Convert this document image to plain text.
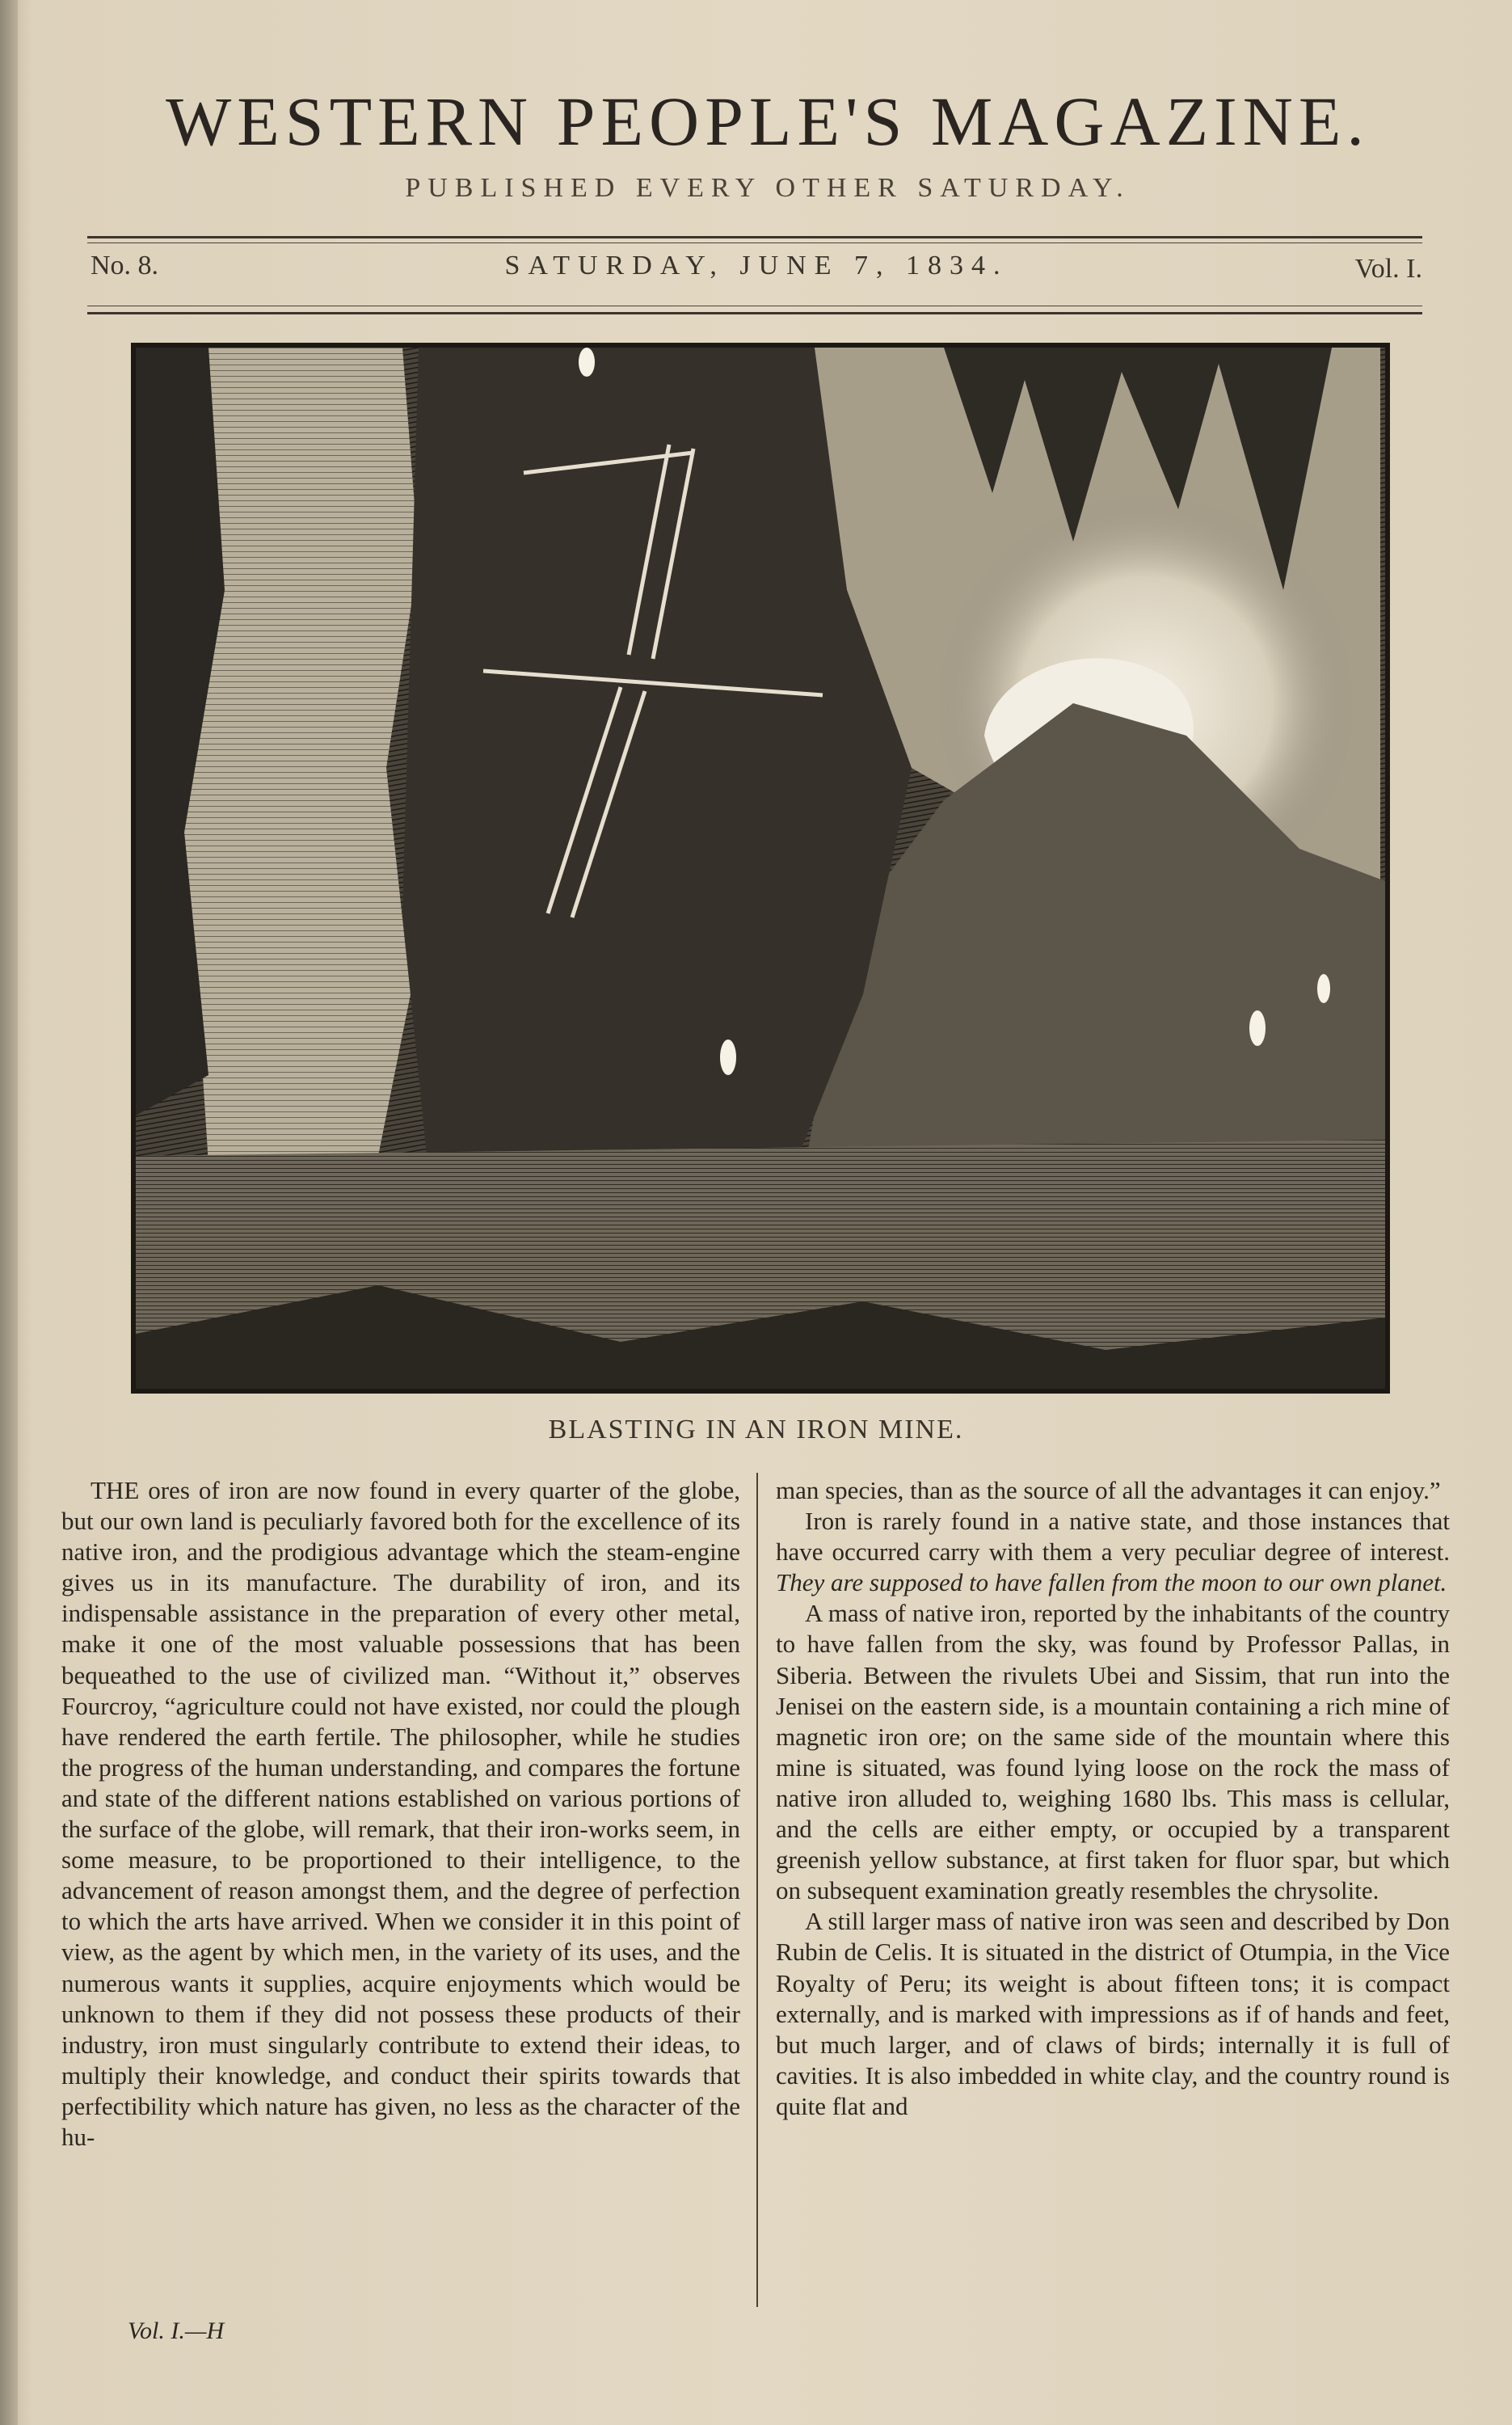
WESTERN PEOPLE'S MAGAZINE.
PUBLISHED EVERY OTHER SATURDAY.
No. 8.	SATURDAY, JUNE 7, 1834.	Vol. I.
BLASTING IN AN IRON MINE.

THE ores of iron are now found in every quarter of the globe, but our own land is peculiarly favored both for the excellence of its native iron, and the prodigious advantage which the steam-engine gives us in its manufacture. The durability of iron, and its indispensable assistance in the preparation of every other metal, make it one of the most valuable possessions that has been bequeathed to the use of civilized man. “Without it,” observes Fourcroy, “agriculture could not have existed, nor could the plough have rendered the earth fertile. The philosopher, while he studies the progress of the human understanding, and compares the fortune and state of the different nations established on various portions of the surface of the globe, will remark, that their iron-works seem, in some measure, to be proportioned to their intelligence, to the advancement of reason amongst them, and the degree of perfection to which the arts have arrived. When we consider it in this point of view, as the agent by which men, in the variety of its uses, and the numerous wants it supplies, acquire enjoyments which would be unknown to them if they did not possess these products of their industry, iron must singularly contribute to extend their ideas, to multiply their knowledge, and conduct their spirits towards that perfectibility which nature has given, no less as the character of the hu-

man species, than as the source of all the advantages it can enjoy.”

Iron is rarely found in a native state, and those instances that have occurred carry with them a very peculiar degree of interest. They are supposed to have fallen from the moon to our own planet.

A mass of native iron, reported by the inhabitants of the country to have fallen from the sky, was found by Professor Pallas, in Siberia. Between the rivulets Ubei and Sissim, that run into the Jenisei on the eastern side, is a mountain containing a rich mine of magnetic iron ore; on the same side of the mountain where this mine is situated, was found lying loose on the rock the mass of native iron alluded to, weighing 1680 lbs. This mass is cellular, and the cells are either empty, or occupied by a transparent greenish yellow substance, at first taken for fluor spar, but which on subsequent examination greatly resembles the chrysolite.

A still larger mass of native iron was seen and described by Don Rubin de Celis. It is situated in the district of Otumpia, in the Vice Royalty of Peru; its weight is about fifteen tons; it is compact externally, and is marked with impressions as if of hands and feet, but much larger, and of claws of birds; internally it is full of cavities. It is also imbedded in white clay, and the country round is quite flat and

Vol. I.—H
